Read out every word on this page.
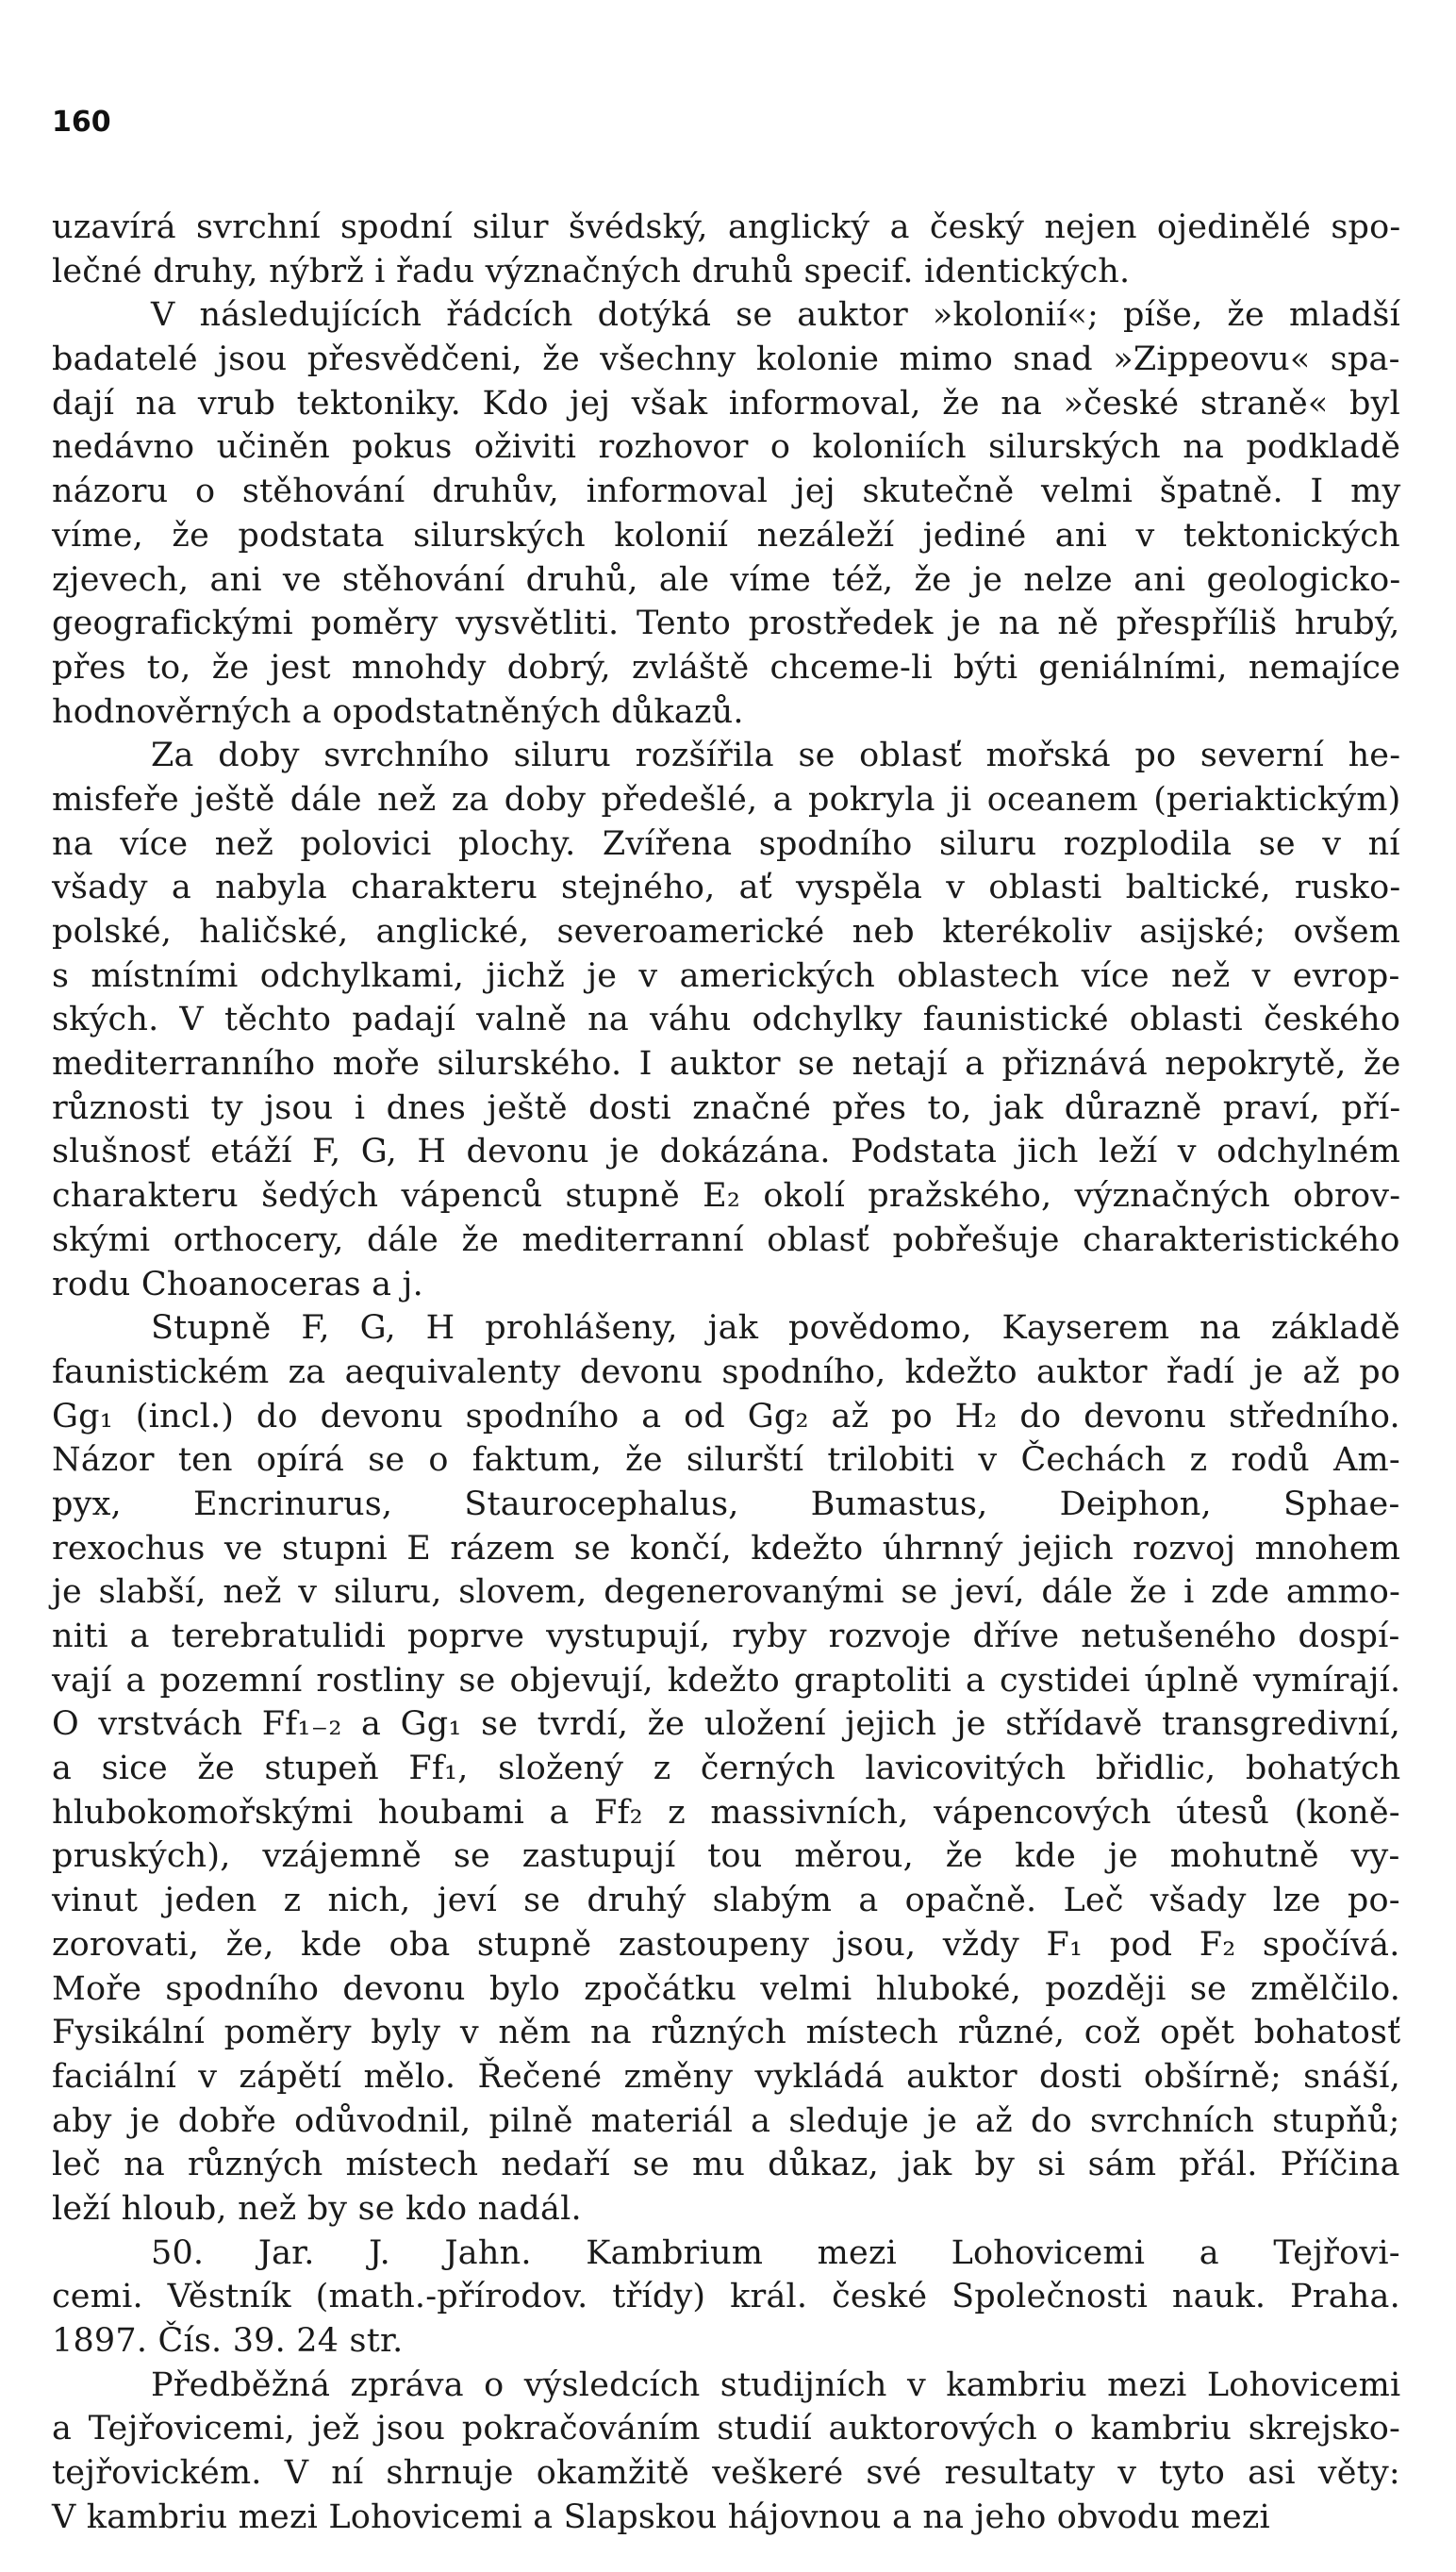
160
uzavírá svrchní spodní silur švédský, anglický a český nejen ojedinělé spo-
lečné druhy, nýbrž i řadu význačných druhů specif. identických.
V následujících řádcích dotýká se auktor »kolonií«; píše, že mladší
badatelé jsou přesvědčeni, že všechny kolonie mimo snad »Zippeovu« spa-
dají na vrub tektoniky. Kdo jej však informoval, že na »české straně« byl
nedávno učiněn pokus oživiti rozhovor o koloniích silurských na podkladě
názoru o stěhování druhův, informoval jej skutečně velmi špatně. I my
víme, že podstata silurských kolonií nezáleží jediné ani v tektonických
zjevech, ani ve stěhování druhů, ale víme též, že je nelze ani geologicko-
geografickými poměry vysvětliti. Tento prostředek je na ně přespříliš hrubý,
přes to, že jest mnohdy dobrý, zvláště chceme-li býti geniálními, nemajíce
hodnověrných a opodstatněných důkazů.
Za doby svrchního siluru rozšířila se oblasť mořská po severní he-
misfeře ještě dále než za doby předešlé, a pokryla ji oceanem (periaktickým)
na více než polovici plochy. Zvířena spodního siluru rozplodila se v ní
všady a nabyla charakteru stejného, ať vyspěla v oblasti baltické, rusko-
polské, haličské, anglické, severoamerické neb kterékoliv asijské; ovšem
s místními odchylkami, jichž je v amerických oblastech více než v evrop-
ských. V těchto padají valně na váhu odchylky faunistické oblasti českého
mediterranního moře silurského. I auktor se netají a přiznává nepokrytě, že
různosti ty jsou i dnes ještě dosti značné přes to, jak důrazně praví, pří-
slušnosť etáží F, G, H devonu je dokázána. Podstata jich leží v odchylném
charakteru šedých vápenců stupně E₂ okolí pražského, význačných obrov-
skými orthocery, dále že mediterranní oblasť pobřešuje charakteristického
rodu Choanoceras a j.
Stupně F, G, H prohlášeny, jak povědomo, Kayserem na základě
faunistickém za aequivalenty devonu spodního, kdežto auktor řadí je až po
Gg₁ (incl.) do devonu spodního a od Gg₂ až po H₂ do devonu středního.
Názor ten opírá se o faktum, že silurští trilobiti v Čechách z rodů Am-
pyx, Encrinurus, Staurocephalus, Bumastus, Deiphon, Sphae-
rexochus ve stupni E rázem se končí, kdežto úhrnný jejich rozvoj mnohem
je slabší, než v siluru, slovem, degenerovanými se jeví, dále že i zde ammo-
niti a terebratulidi poprve vystupují, ryby rozvoje dříve netušeného dospí-
vají a pozemní rostliny se objevují, kdežto graptoliti a cystidei úplně vymírají.
O vrstvách Ff₁₋₂ a Gg₁ se tvrdí, že uložení jejich je střídavě transgredivní,
a sice že stupeň Ff₁, složený z černých lavicovitých břidlic, bohatých
hlubokomořskými houbami a Ff₂ z massivních, vápencových útesů (koně-
pruských), vzájemně se zastupují tou měrou, že kde je mohutně vy-
vinut jeden z nich, jeví se druhý slabým a opačně. Leč všady lze po-
zorovati, že, kde oba stupně zastoupeny jsou, vždy F₁ pod F₂ spočívá.
Moře spodního devonu bylo zpočátku velmi hluboké, později se změlčilo.
Fysikální poměry byly v něm na různých místech různé, což opět bohatosť
faciální v zápětí mělo. Řečené změny vykládá auktor dosti obšírně; snáší,
aby je dobře odůvodnil, pilně materiál a sleduje je až do svrchních stupňů;
leč na různých místech nedaří se mu důkaz, jak by si sám přál. Příčina
leží hloub, než by se kdo nadál.
50. Jar. J. Jahn. Kambrium mezi Lohovicemi a Tejřovi-
cemi. Věstník (math.-přírodov. třídy) král. české Společnosti nauk. Praha.
1897. Čís. 39. 24 str.
Předběžná zpráva o výsledcích studijních v kambriu mezi Lohovicemi
a Tejřovicemi, jež jsou pokračováním studií auktorových o kambriu skrejsko-
tejřovickém. V ní shrnuje okamžitě veškeré své resultaty v tyto asi věty:
V kambriu mezi Lohovicemi a Slapskou hájovnou a na jeho obvodu mezi
